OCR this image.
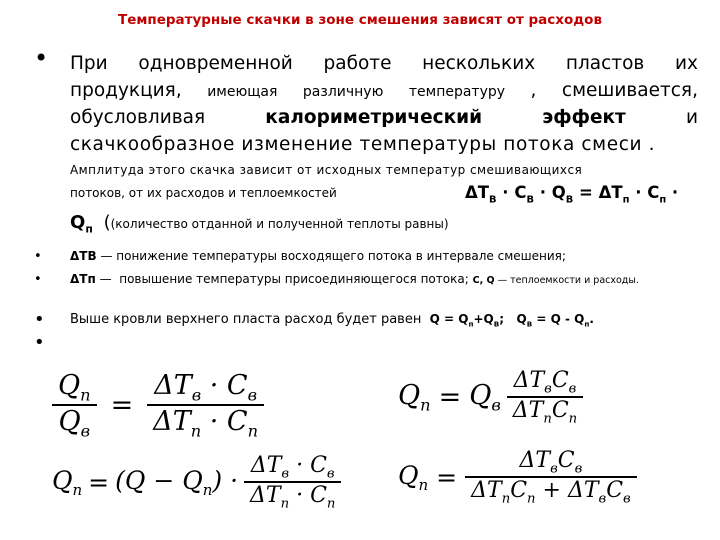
Температурные скачки в зоне смешения зависят от расходов
•
•
•
•
•
При одновременной работе нескольких пластов их
продукция, имеющая различную температуру , смешивается,
обусловливая	калориметрический	эффект	и
скачкообразное изменение температуры потока смеси .
Амплитуда этого скачка зависит от исходных температур смешивающихся
потоков, от их расходов и теплоемкостей	$\Delta T_В \cdot С_В \cdot Q_В = \Delta T_п \cdot С_п$ ·
$Q_п$  ((количество отданной и полученной теплоты равны)
ΔTВ — понижение температуры восходящего потока в интервале смешения;
ΔTп —  повышение температуры присоединяющегося потока; С, Q — теплоемкости и расходы.
Выше кровли верхнего пласта расход будет равен  $Q = Q_п+Q_В$;   $Q_В = Q - Q_п$.
$\frac{Q_n}{Q_в} = \frac{\Delta T_в \cdot C_в}{\Delta T_п \cdot C_п}$	$Q_n = Q_в \frac{\Delta T_вC_в}{\Delta T_пC_п}$
$Q_n = (Q - Q_n) \cdot \frac{\Delta T_в \cdot C_в}{\Delta T_п \cdot C_п} Q_n = \frac{\Delta T_вC_в}{\Delta T_пC_п + \Delta T_вC_в}$
